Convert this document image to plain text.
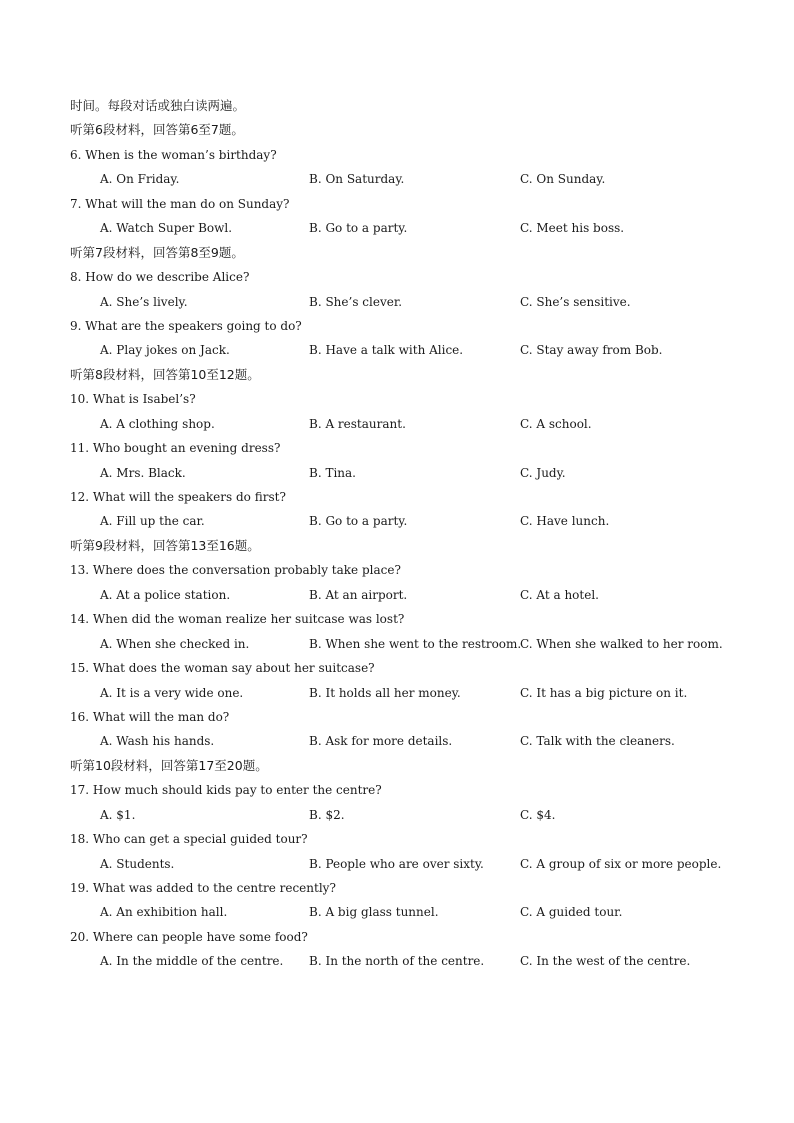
时间。每段对话或独白读两遍。
听第6段材料，回答第6至7题。
6. When is the woman’s birthday?
A. On Friday.	B. On Saturday.	C. On Sunday.
7. What will the man do on Sunday?
A. Watch Super Bowl.	B. Go to a party.	C. Meet his boss.
听第7段材料，回答第8至9题。
8. How do we describe Alice?
A. She’s lively.	B. She’s clever.	C. She’s sensitive.
9. What are the speakers going to do?
A. Play jokes on Jack.	B. Have a talk with Alice.	C. Stay away from Bob.
听第8段材料，回答第10至12题。
10. What is Isabel’s?
A. A clothing shop.	B. A restaurant.	C. A school.
11. Who bought an evening dress?
A. Mrs. Black.	B. Tina.	C. Judy.
12. What will the speakers do first?
A. Fill up the car.	B. Go to a party.	C. Have lunch.
听第9段材料，回答第13至16题。
13. Where does the conversation probably take place?
A. At a police station.	B. At an airport.	C. At a hotel.
14. When did the woman realize her suitcase was lost?
A. When she checked in.	B. When she went to the restroom.
C. When she walked to her room.
15. What does the woman say about her suitcase?
A. It is a very wide one.	B. It holds all her money.	C. It has a big picture on it.
16. What will the man do?
A. Wash his hands.	B. Ask for more details.	C. Talk with the cleaners.
听第10段材料，回答第17至20题。
17. How much should kids pay to enter the centre?
A. $1.	B. $2.	C. $4.
18. Who can get a special guided tour?
A. Students.	B. People who are over sixty.	C. A group of six or more people.
19. What was added to the centre recently?
A. An exhibition hall.	B. A big glass tunnel.	C. A guided tour.
20. Where can people have some food?
A. In the middle of the centre. B. In the north of the centre.	C. In the west of the centre.
